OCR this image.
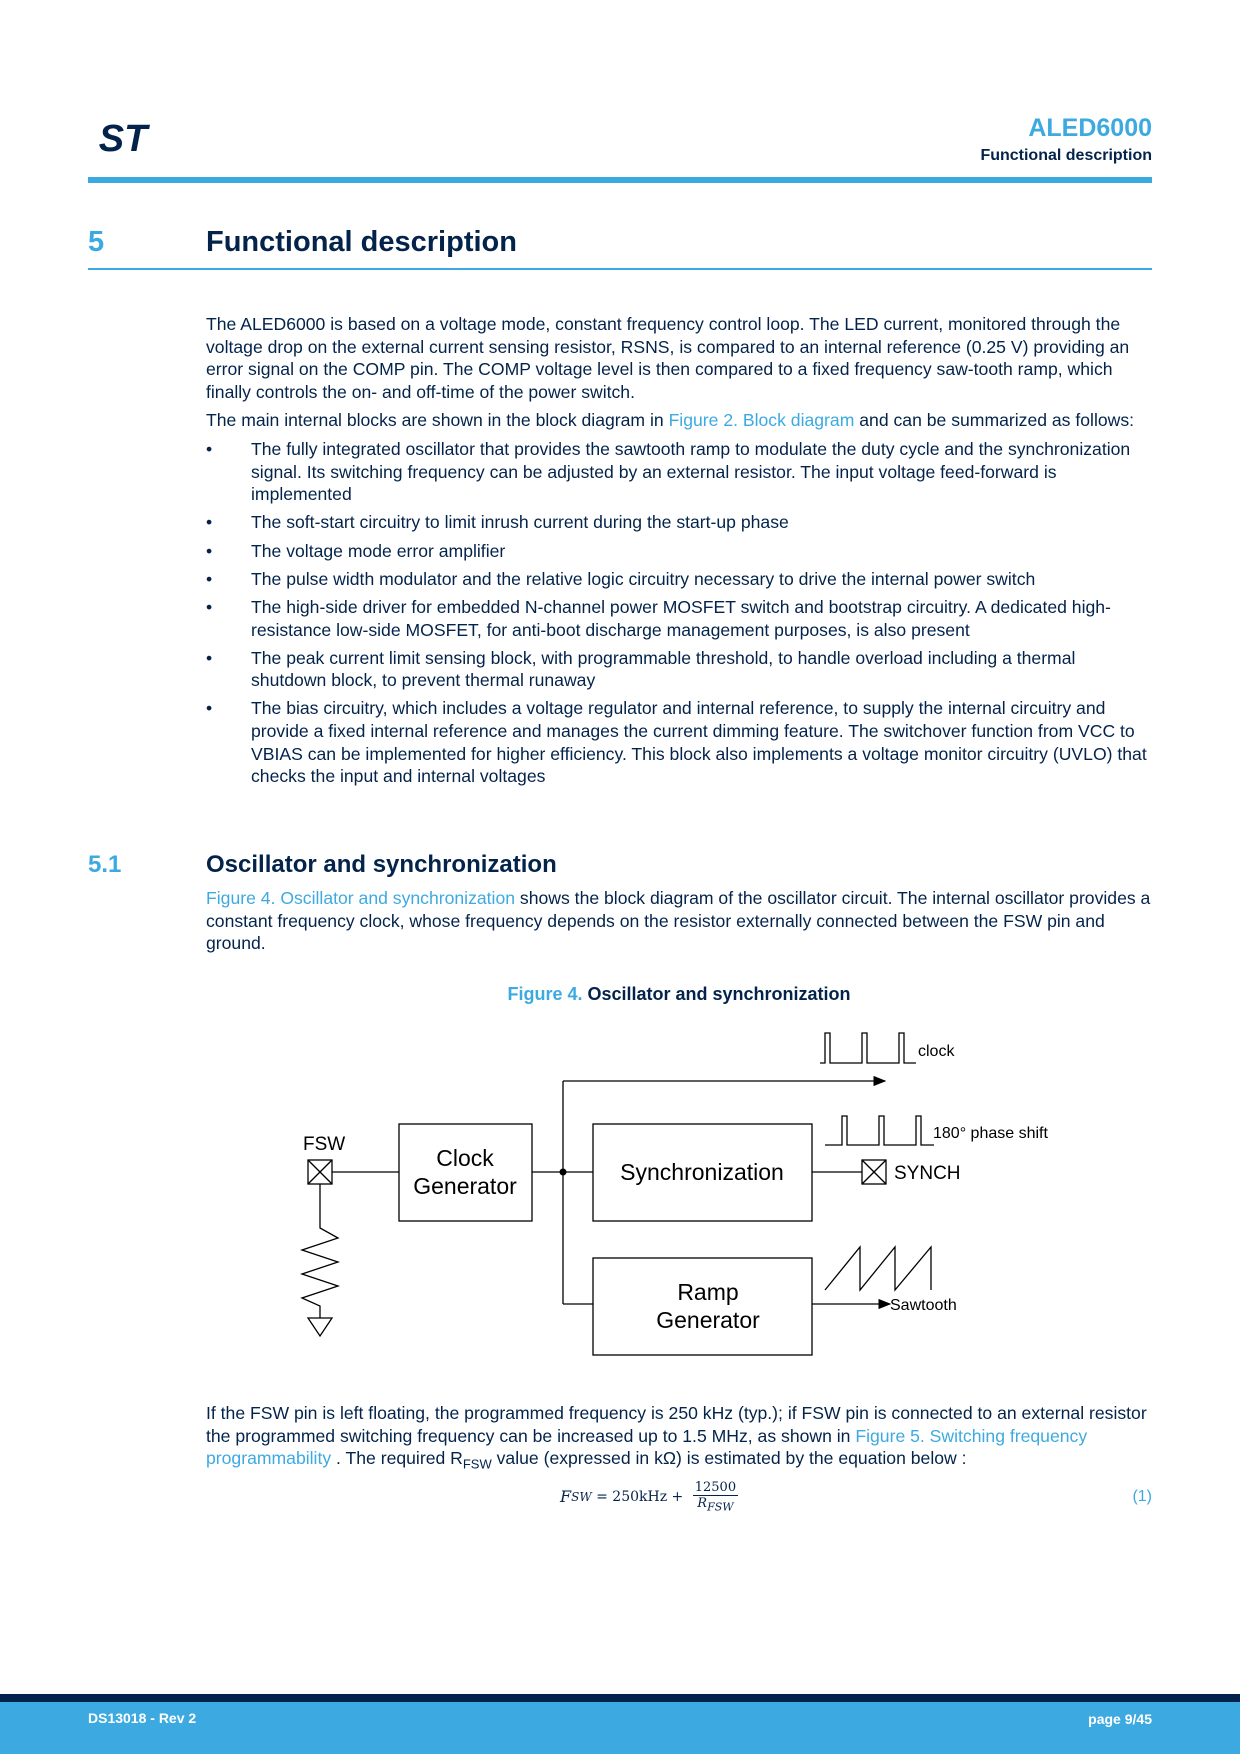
ST	ALED6000
Functional description
5	Functional description

The ALED6000 is based on a voltage mode, constant frequency control loop. The LED current, monitored through the voltage drop on the external current sensing resistor, RSNS, is compared to an internal reference (0.25 V) providing an error signal on the COMP pin. The COMP voltage level is then compared to a fixed frequency saw-tooth ramp, which finally controls the on- and off-time of the power switch.

The main internal blocks are shown in the block diagram in Figure 2. Block diagram and can be summarized as follows:

• The fully integrated oscillator that provides the sawtooth ramp to modulate the duty cycle and the synchronization signal. Its switching frequency can be adjusted by an external resistor. The input voltage feed-forward is implemented
• The soft-start circuitry to limit inrush current during the start-up phase
• The voltage mode error amplifier
• The pulse width modulator and the relative logic circuitry necessary to drive the internal power switch
• The high-side driver for embedded N-channel power MOSFET switch and bootstrap circuitry. A dedicated high-resistance low-side MOSFET, for anti-boot discharge management purposes, is also present
• The peak current limit sensing block, with programmable threshold, to handle overload including a thermal shutdown block, to prevent thermal runaway
• The bias circuitry, which includes a voltage regulator and internal reference, to supply the internal circuitry and provide a fixed internal reference and manages the current dimming feature. The switchover function from VCC to VBIAS can be implemented for higher efficiency. This block also implements a voltage monitor circuitry (UVLO) that checks the input and internal voltages
5.1	Oscillator and synchronization

Figure 4. Oscillator and synchronization shows the block diagram of the oscillator circuit. The internal oscillator provides a constant frequency clock, whose frequency depends on the resistor externally connected between the FSW pin and ground.

Figure 4. Oscillator and synchronization
FSW
Clock
Generator
Synchronization
Ramp
Generator
clock
180° phase shift
SYNCH
Sawtooth

If the FSW pin is left floating, the programmed frequency is 250 kHz (typ.); if FSW pin is connected to an external resistor the programmed switching frequency can be increased up to 1.5 MHz, as shown in Figure 5. Switching frequency programmability . The required $R_{FSW}$ value (expressed in kΩ) is estimated by the equation below :

F SW = $250kHz + \frac{12500}{R_{FSW}}$	(1)
DS13018 - Rev 2	page 9/45
